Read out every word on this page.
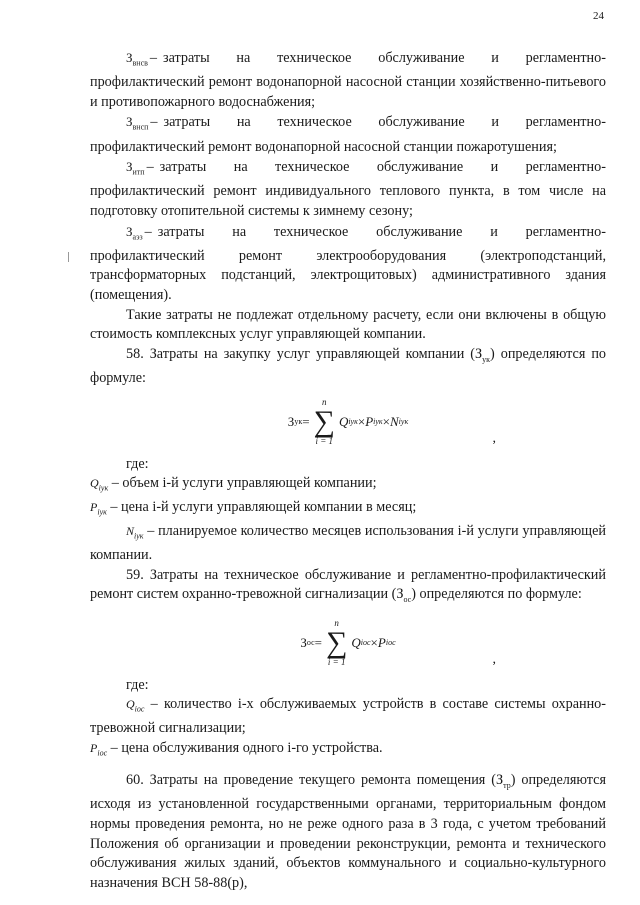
24
$З_{внсв}$ – затраты на техническое обслуживание и регламентно-

профилактический ремонт водонапорной насосной станции хозяйственно-питьевого и противопожарного водоснабжения;

$З_{внсп}$ – затраты на техническое обслуживание и регламентно-

профилактический ремонт водонапорной насосной станции пожаротушения;

$З_{итп}$ – затраты на техническое обслуживание и регламентно-

профилактический ремонт индивидуального теплового пункта, в том числе на подготовку отопительной системы к зимнему сезону;

$З_{аэз}$ – затраты на техническое обслуживание и регламентно-

профилактический ремонт электрооборудования (электроподстанций, трансформаторных подстанций, электрощитовых) административного здания (помещения).

Такие затраты не подлежат отдельному расчету, если они включены в общую стоимость комплексных услуг управляющей компании.

58. Затраты на закупку услуг управляющей компании $(З_{ук})$ определяются по формуле:

З ук =
n
∑
i = 1
Q iук × P iук × N iук
,

где:

$Q_{iук}$ – объем i-й услуги управляющей компании;

$P_{iук}$ – цена i-й услуги управляющей компании в месяц;

$N_{iук}$ – планируемое количество месяцев использования i-й услуги управляющей компании.

59. Затраты на техническое обслуживание и регламентно-профилактический ремонт систем охранно-тревожной сигнализации $(З_{ос})$ определяются по формуле:

З ос =
n
∑
i = 1
Q iос × P iос
,

где:

$Q_{iос}$ – количество i-х обслуживаемых устройств в составе системы охранно-тревожной сигнализации;

$P_{iос}$ – цена обслуживания одного i-го устройства.

60. Затраты на проведение текущего ремонта помещения $(З_{тр})$ определяются исходя из установленной государственными органами, территориальным фондом нормы проведения ремонта, но не реже одного раза в 3 года, с учетом требований Положения об организации и проведении реконструкции, ремонта и технического обслуживания жилых зданий, объектов коммунального и социально-культурного назначения ВСН 58-88(р),
